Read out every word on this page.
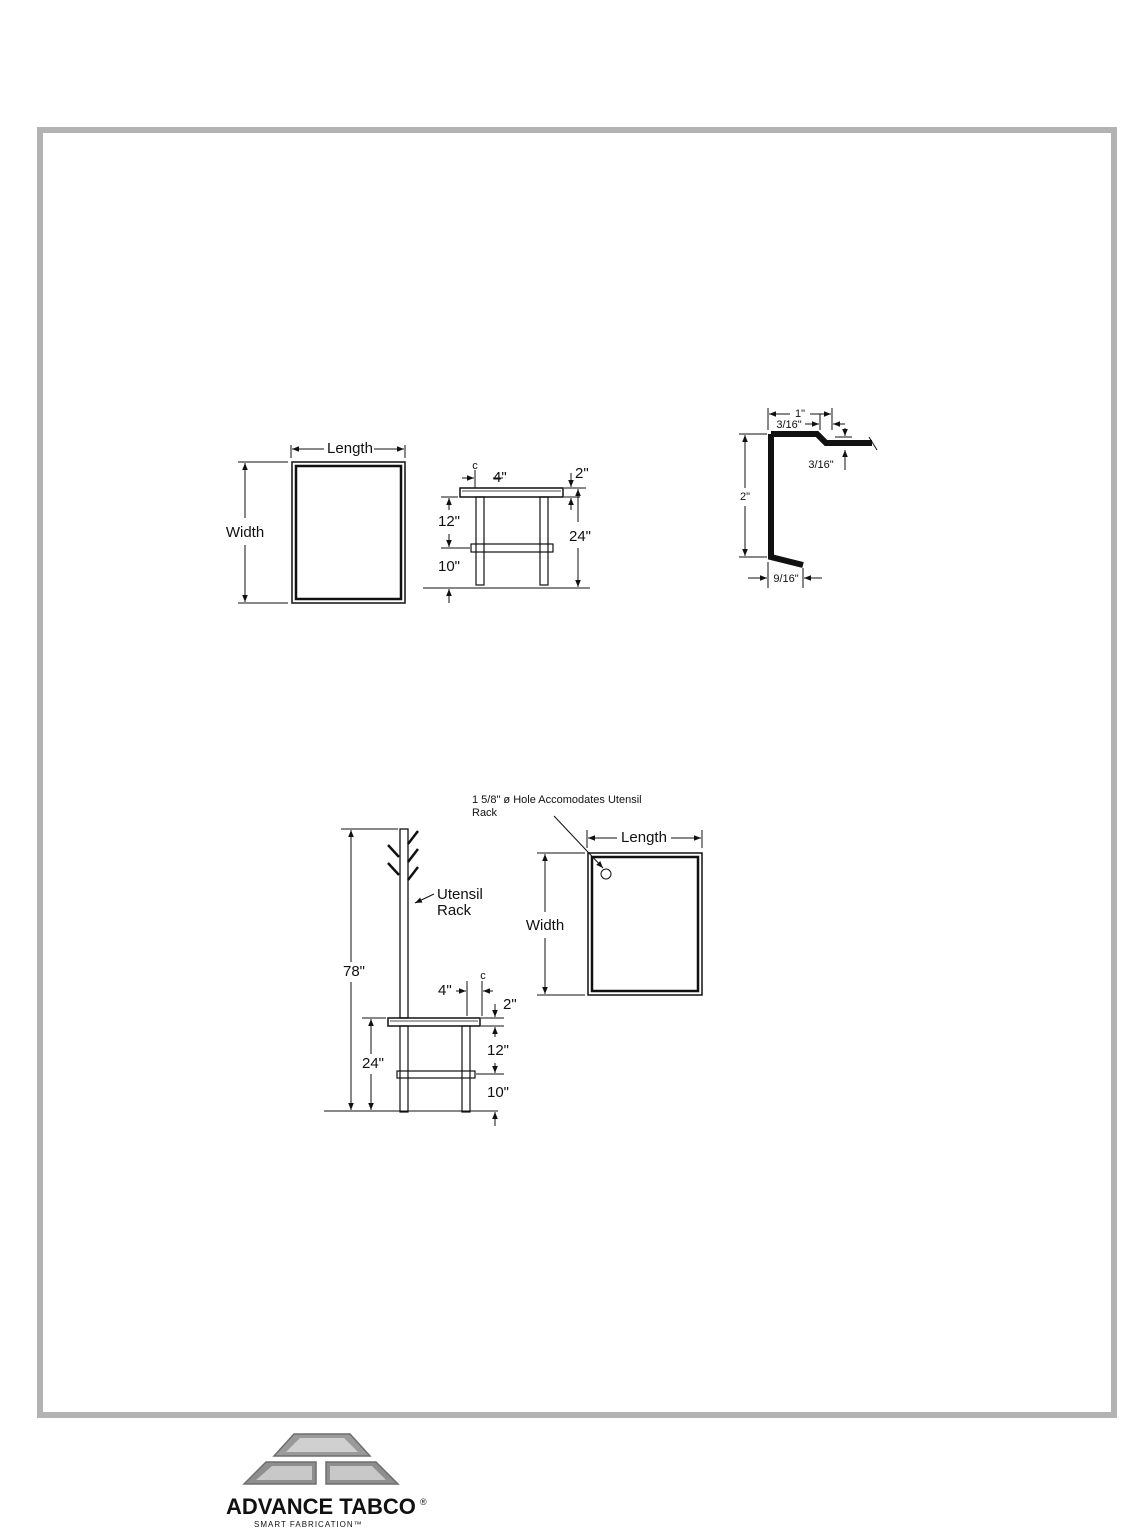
Length
Width
c
4"	2"
12"
10"
24"
1"
3/16"
3/16"
2"
9/16"
78"
24"
Utensil Rack
c
4"
2"
12"
10"
1 5/8" ø Hole Accomodates Utensil Rack
Length
Width
ADVANCE TABCO ®
SMART FABRICATION™
